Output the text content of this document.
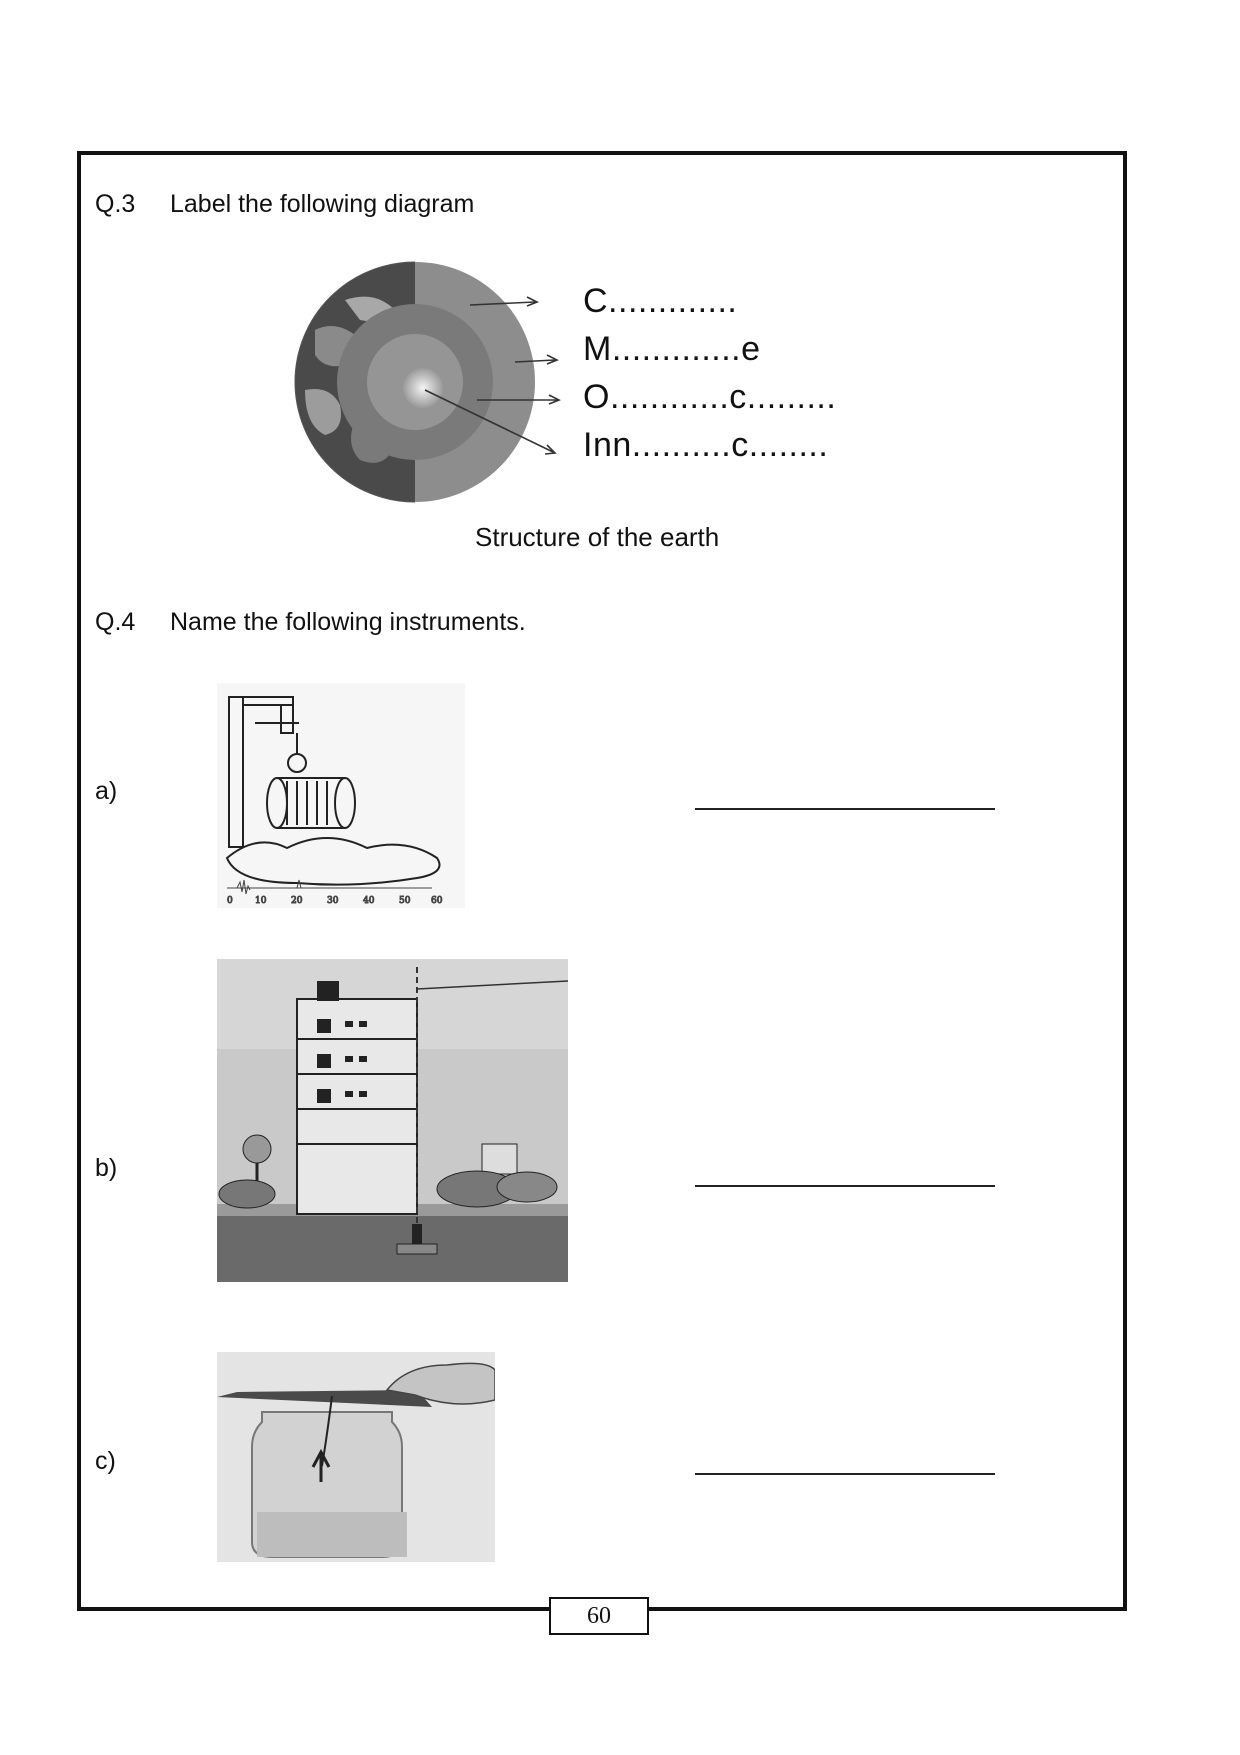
Q.3 Label the following diagram
C.............
M.............e
O............c.........
Inn..........c........
Structure of the earth
Q.4 Name the following instruments.
a)
0 10	20	30	40	50 60
b)
c)
60
